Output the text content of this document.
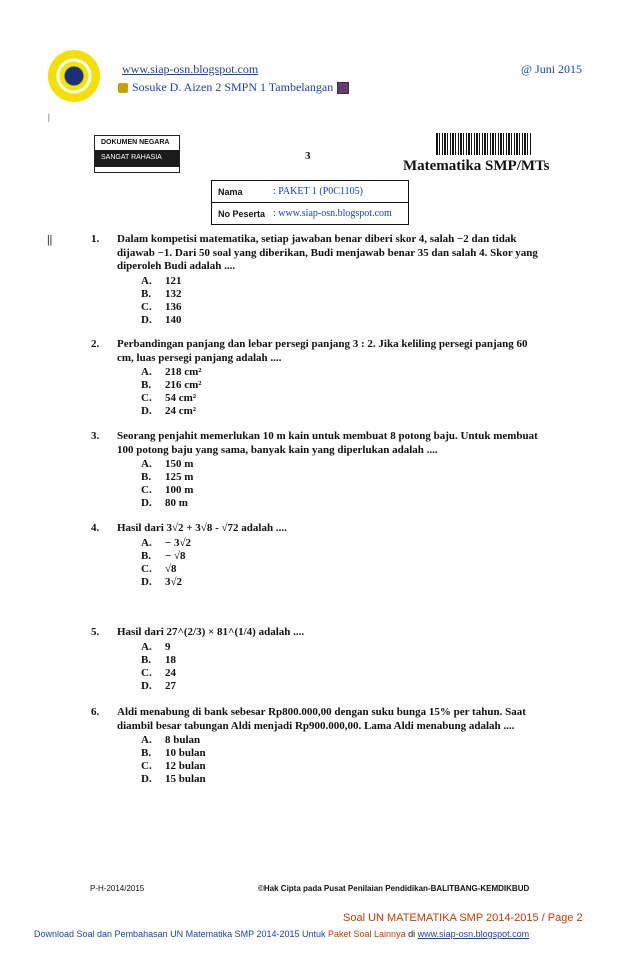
www.siap-osn.blogspot.com	@ Juni 2015
Sosuke D. Aizen 2 SMPN 1 Tambelangan
|
DOKUMEN NEGARA
SANGAT RAHASIA	3
Matematika SMP/MTs
Nama	: PAKET 1 (P0C1105)
No Peserta : www.siap-osn.blogspot.com
||	1. Dalam kompetisi matematika, setiap jawaban benar diberi skor 4, salah −2 dan tidak dijawab −1. Dari 50 soal yang diberikan, Budi menjawab benar 35 dan salah 4. Skor yang diperoleh Budi adalah ....
A.	121
B.	132
C.	136
D.	140
2. Perbandingan panjang dan lebar persegi panjang 3 : 2. Jika keliling persegi panjang 60 cm, luas persegi panjang adalah ....
A.	218 cm²
B.	216 cm²
C.	54 cm²
D.	24 cm²
3. Seorang penjahit memerlukan 10 m kain untuk membuat 8 potong baju. Untuk membuat 100 potong baju yang sama, banyak kain yang diperlukan adalah ....
A.	150 m
B.	125 m
C.	100 m
D.	80 m
4. Hasil dari 3√2 + 3√8 - √72 adalah ....
A.	− 3√2
B.	− √8
C.	√8
D.	3√2
5. Hasil dari 27^(2/3) × 81^(1/4) adalah ....
A.	9
B.	18
C.	24
D.	27
6. Aldi menabung di bank sebesar Rp800.000,00 dengan suku bunga 15% per tahun. Saat diambil besar tabungan Aldi menjadi Rp900.000,00. Lama Aldi menabung adalah ....
A.	8 bulan
B.	10 bulan
C.	12 bulan
D.	15 bulan
P-H-2014/2015	©Hak Cipta pada Pusat Penilaian Pendidikan-BALITBANG-KEMDIKBUD
Soal UN MATEMATIKA SMP 2014-2015 / Page 2
Download Soal dan Pembahasan UN Matematika SMP 2014-2015 Untuk Paket Soal Lainnya di www.siap-osn.blogspot.com
